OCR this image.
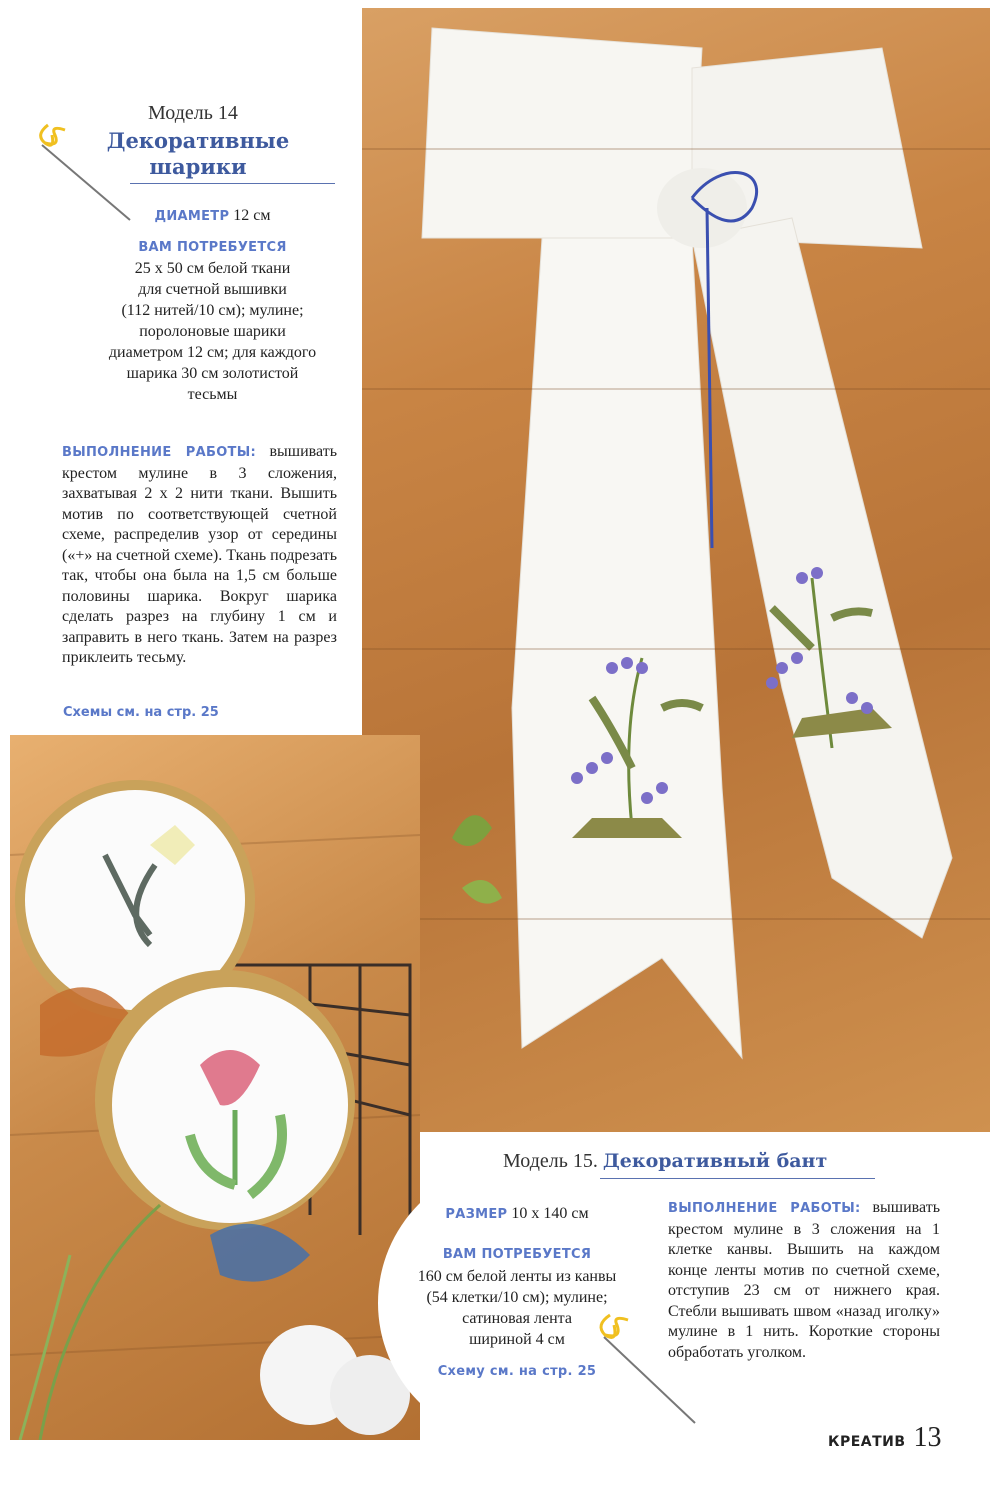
Модель 14
Декоративные
шарики
ДИАМЕТР 12 см
ВАМ ПОТРЕБУЕТСЯ
25 х 50 см белой ткани
для счетной вышивки
(112 нитей/10 см); мулине;
поролоновые шарики
диаметром 12 см; для каждого
шарика 30 см золотистой
тесьмы
ВЫПОЛНЕНИЕ РАБОТЫ: вышивать крестом мулине в 3 сложения, захватывая 2 х 2 нити ткани. Вышить мотив по соответствующей счетной схеме, распределив узор от середины («+» на счетной схеме). Ткань подрезать так, чтобы она была на 1,5 см больше половины шарика. Вокруг шарика сделать разрез на глубину 1 см и заправить в него ткань. Затем на разрез приклеить тесьму.
Схемы см. на стр. 25
Модель 15. Декоративный бант
РАЗМЕР 10 х 140 см
ВАМ ПОТРЕБУЕТСЯ
160 см белой ленты из канвы
(54 клетки/10 см); мулине;
сатиновая лента
шириной 4 см
Схему см. на стр. 25
ВЫПОЛНЕНИЕ РАБОТЫ: вышивать крестом мулине в 3 сложения на 1 клетке канвы. Вышить на каждом конце ленты мотив по счетной схеме, отступив 23 см от нижнего края. Стебли вышивать швом «назад иголку» мулине в 1 нить. Короткие стороны обработать уголком.
КРЕАТИВ 13
